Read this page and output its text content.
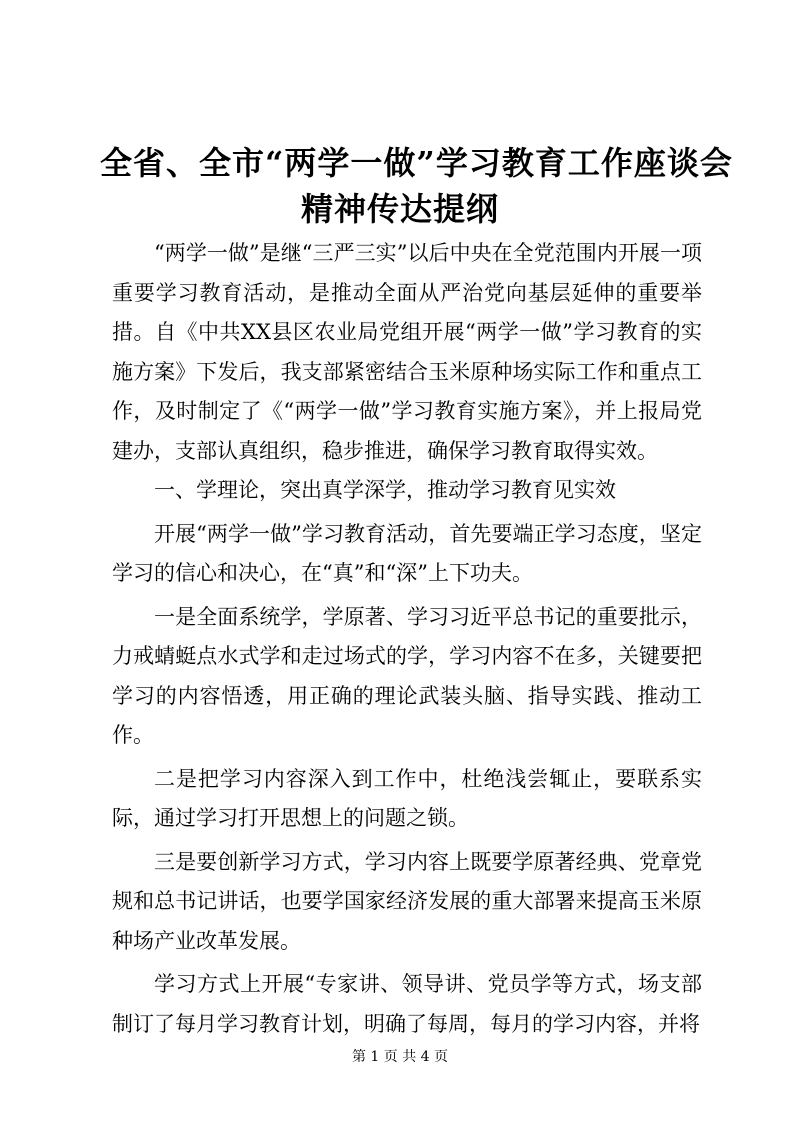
全省、全市“两学一做”学习教育工作座谈会
精神传达提纲

“两学一做”是继“三严三实”以后中央在全党范围内开展一项重要学习教育活动，是推动全面从严治党向基层延伸的重要举措。自《中共XX县区农业局党组开展“两学一做”学习教育的实施方案》下发后，我支部紧密结合玉米原种场实际工作和重点工作，及时制定了《“两学一做”学习教育实施方案》，并上报局党建办，支部认真组织，稳步推进，确保学习教育取得实效。

一、学理论，突出真学深学，推动学习教育见实效

开展“两学一做”学习教育活动，首先要端正学习态度，坚定学习的信心和决心，在“真”和“深”上下功夫。

一是全面系统学，学原著、学习习近平总书记的重要批示，力戒蜻蜓点水式学和走过场式的学，学习内容不在多，关键要把学习的内容悟透，用正确的理论武装头脑、指导实践、推动工作。

二是把学习内容深入到工作中，杜绝浅尝辄止，要联系实际，通过学习打开思想上的问题之锁。

三是要创新学习方式，学习内容上既要学原著经典、党章党规和总书记讲话，也要学国家经济发展的重大部署来提高玉米原种场产业改革发展。

学习方式上开展“专家讲、领导讲、党员学等方式，场支部制订了每月学习教育计划，明确了每周，每月的学习内容，并将

第 1 页 共 4 页
